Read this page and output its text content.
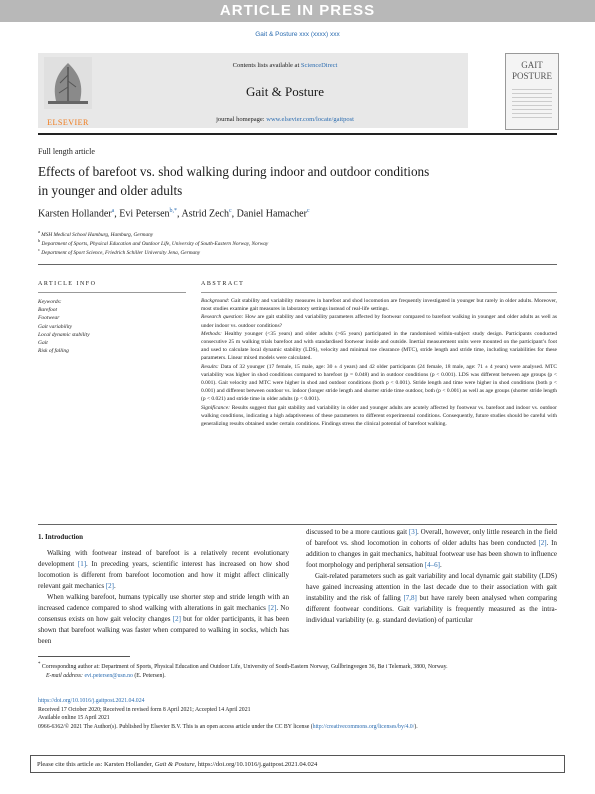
ARTICLE IN PRESS
Gait & Posture xxx (xxxx) xxx
ELSEVIER
Contents lists available at ScienceDirect
Gait & Posture
journal homepage: www.elsevier.com/locate/gaitpost
GAIT POSTURE
Full length article
Effects of barefoot vs. shod walking during indoor and outdoor conditions
in younger and older adults
Karsten Hollander$^a$, Evi Petersen$^{b,*}$, Astrid Zech$^c$, Daniel Hamacher$^c$
$^a$ MSH Medical School Hamburg, Hamburg, Germany
$^b$ Department of Sports, Physical Education and Outdoor Life, University of South-Eastern Norway, Norway
$^c$ Department of Sport Science, Friedrich Schiller University Jena, Germany
ARTICLE INFO
Keywords:
Barefoot
Footwear
Gait variability
Local dynamic stability
Gait
Risk of falling
ABSTRACT

Background: Gait stability and variability measures in barefoot and shod locomotion are frequently investigated in younger but rarely in older adults. Moreover, most studies examine gait measures in laboratory settings instead of real-life settings.

Research question: How are gait stability and variability parameters affected by footwear compared to barefoot walking in younger and older adults as well as under indoor vs. outdoor conditions?

Methods: Healthy younger (<35 years) and older adults (>65 years) participated in the randomised within-subject study design. Participants conducted consecutive 25 m walking trials barefoot and with standardised footwear inside and outside. Inertial measurement units were mounted on the participant’s foot and used to calculate local dynamic stability (LDS), velocity and minimal toe clearance (MTC), stride length and stride time, including variabilities for these parameters. Linear mixed models were calculated.

Results: Data of 32 younger (17 female, 15 male, age: 30 ± 4 years) and 42 older participants (24 female, 18 male, age: 71 ± 4 years) were analysed. MTC variability was higher in shod conditions compared to barefoot (p = 0.048) and in outdoor conditions (p < 0.001). LDS was different between age groups (p < 0.001). Gait velocity and MTC were higher in shod and outdoor conditions (both p < 0.001). Stride length and time were higher in shod conditions (both p < 0.001) and different between outdoor vs. indoor (longer stride length and shorter stride time outdoor, both (p < 0.001) as well as age groups (shorter stride length (p < 0.021) and stride time in older adults (p < 0.001).

Significance: Results suggest that gait stability and variability in older and younger adults are acutely affected by footwear vs. barefoot and indoor vs. outdoor walking conditions, indicating a high adaptiveness of these parameters to different experimental conditions. Consequently, future studies should be careful with generalizing results obtained under certain conditions. Findings stress the clinical potential of barefoot walking.

1. Introduction

Walking with footwear instead of barefoot is a relatively recent evolutionary development [1]. In preceding years, scientific interest has increased on how shod locomotion is different from barefoot locomotion and how it might affect clinically relevant gait mechanics [2].

When walking barefoot, humans typically use shorter step and stride length with an increased cadence compared to shod walking with alterations in gait mechanics [2]. No consensus exists on how gait velocity changes [2] but for older participants, it has been shown that barefoot walking was faster when compared to walking in socks, which has been

discussed to be a more cautious gait [3]. Overall, however, only little research in the field of barefoot vs. shod locomotion in cohorts of older adults has been conducted [2]. In addition to changes in gait mechanics, habitual footwear use has been shown to influence foot morphology and peripheral sensation [4–6].

Gait-related parameters such as gait variability and local dynamic gait stability (LDS) have gained increasing attention in the last decade due to their association with gait instability and the risk of falling [7,8] but have rarely been analysed when comparing different footwear conditions. Gait variability is frequently measured as the intra-individual variability (e. g. standard deviation) of particular

* Corresponding author at: Department of Sports, Physical Education and Outdoor Life, University of South-Eastern Norway, Gullbringvegen 36, Bø i Telemark, 3800, Norway.
E-mail address: evi.petersen@usn.no (E. Petersen).
https://doi.org/10.1016/j.gaitpost.2021.04.024
Received 17 October 2020; Received in revised form 8 April 2021; Accepted 14 April 2021
Available online 15 April 2021
0966-6362/© 2021 The Author(s). Published by Elsevier B.V. This is an open access article under the CC BY license (http://creativecommons.org/licenses/by/4.0/).
Please cite this article as: Karsten Hollander, Gait & Posture, https://doi.org/10.1016/j.gaitpost.2021.04.024
